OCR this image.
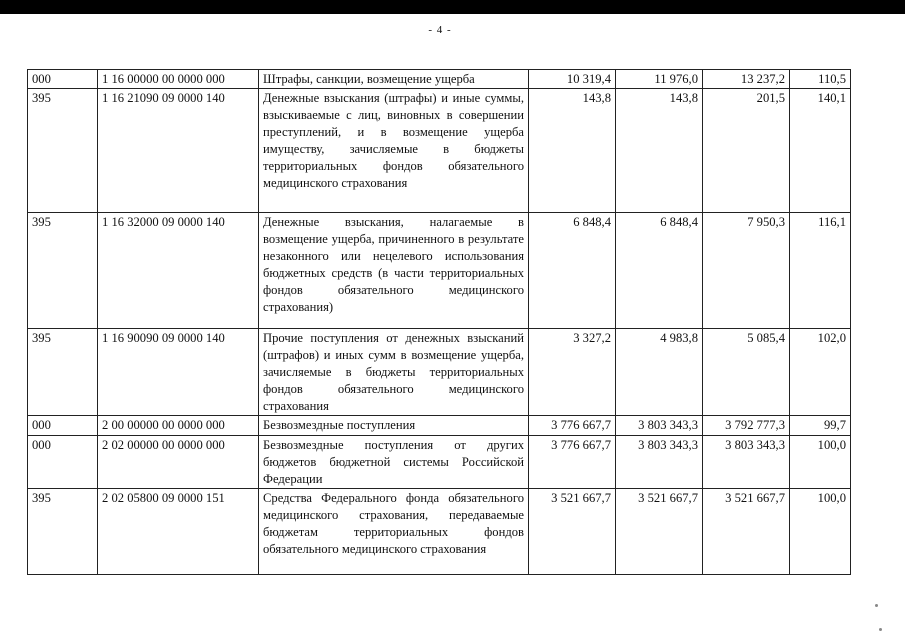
- 4 -
000	1 16 00000 00 0000 000	Штрафы, санкции, возмещение ущерба	10 319,4	11 976,0	13 237,2	110,5
395	1 16 21090 09 0000 140	Денежные взыскания (штрафы) и иные суммы, взыскиваемые с лиц, виновных в совершении преступлений, и в возмещение ущерба имуществу, зачисляемые в бюджеты территориальных фондов обязательного медицинского страхования	143,8	143,8	201,5	140,1
395	1 16 32000 09 0000 140	Денежные взыскания, налагаемые в возмещение ущерба, причиненного в результате незаконного или нецелевого использования бюджетных средств (в части территориальных фондов обязательного медицинского страхования)	6 848,4	6 848,4	7 950,3	116,1
395	1 16 90090 09 0000 140	Прочие поступления от денежных взысканий (штрафов) и иных сумм в возмещение ущерба, зачисляемые в бюджеты территориальных фондов обязательного медицинского страхования	3 327,2	4 983,8	5 085,4	102,0
000	2 00 00000 00 0000 000	Безвозмездные поступления	3 776 667,7	3 803 343,3	3 792 777,3	99,7
000	2 02 00000 00 0000 000	Безвозмездные поступления от других бюджетов бюджетной системы Российской Федерации	3 776 667,7	3 803 343,3	3 803 343,3	100,0
395	2 02 05800 09 0000 151	Средства Федерального фонда обязательного медицинского страхования, передаваемые бюджетам территориальных фондов обязательного медицинского страхования	3 521 667,7	3 521 667,7	3 521 667,7	100,0
